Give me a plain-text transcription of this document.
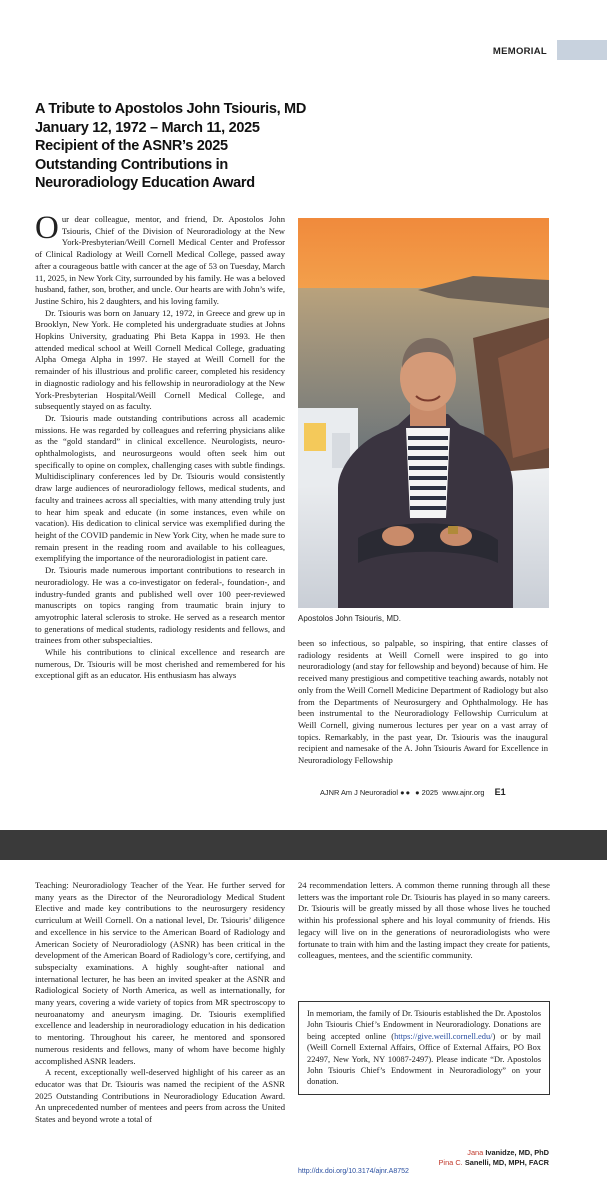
MEMORIAL
A Tribute to Apostolos John Tsiouris, MD
January 12, 1972 – March 11, 2025
Recipient of the ASNR’s 2025
Outstanding Contributions in
Neuroradiology Education Award

Our dear colleague, mentor, and friend, Dr. Apostolos John Tsiouris, Chief of the Division of Neuroradiology at the New York-Presbyterian/Weill Cornell Medical Center and Professor of Clinical Radiology at Weill Cornell Medical College, passed away after a courageous battle with cancer at the age of 53 on Tuesday, March 11, 2025, in New York City, surrounded by his family. He was a beloved husband, father, son, brother, and uncle. Our hearts are with John’s wife, Justine Schiro, his 2 daughters, and his loving family.

Dr. Tsiouris was born on January 12, 1972, in Greece and grew up in Brooklyn, New York. He completed his undergraduate studies at Johns Hopkins University, graduating Phi Beta Kappa in 1993. He then attended medical school at Weill Cornell Medical College, graduating Alpha Omega Alpha in 1997. He stayed at Weill Cornell for the remainder of his illustrious and prolific career, completed his residency in diagnostic radiology and his fellowship in neuroradiology at the New York-Presbyterian Hospital/Weill Cornell Medical College, and subsequently stayed on as faculty.

Dr. Tsiouris made outstanding contributions across all academic missions. He was regarded by colleagues and referring physicians alike as the “gold standard” in clinical excellence. Neurologists, neuro-ophthalmologists, and neurosurgeons would often seek him out specifically to opine on complex, challenging cases with subtle findings. Multidisciplinary conferences led by Dr. Tsiouris would consistently draw large audiences of neuroradiology fellows, medical students, and faculty and trainees across all specialties, with many attending truly just to hear him speak and educate (in some instances, even while on vacation). His dedication to clinical service was exemplified during the height of the COVID pandemic in New York City, when he made sure to remain present in the reading room and available to his colleagues, exemplifying the importance of the neuroradiologist in patient care.

Dr. Tsiouris made numerous important contributions to research in neuroradiology. He was a co-investigator on federal-, foundation-, and industry-funded grants and published well over 100 peer-reviewed manuscripts on topics ranging from traumatic brain injury to amyotrophic lateral sclerosis to stroke. He served as a research mentor to generations of medical students, radiology residents and fellows, and trainees from other subspecialties.

While his contributions to clinical excellence and research are numerous, Dr. Tsiouris will be most cherished and remembered for his exceptional gift as an educator. His enthusiasm has always

Apostolos John Tsiouris, MD.

been so infectious, so palpable, so inspiring, that entire classes of radiology residents at Weill Cornell were inspired to go into neuroradiology (and stay for fellowship and beyond) because of him. He received many prestigious and competitive teaching awards, notably not only from the Weill Cornell Medicine Department of Radiology but also from the Departments of Neurosurgery and Ophthalmology. He has been instrumental to the Neuroradiology Fellowship Curriculum at Weill Cornell, giving numerous lectures per year on a vast array of topics. Remarkably, in the past year, Dr. Tsiouris was the inaugural recipient and namesake of the A. John Tsiouris Award for Excellence in Neuroradiology Fellowship

AJNR Am J Neuroradiol ●● ● 2025 www.ajnr.org E1

Teaching: Neuroradiology Teacher of the Year. He further served for many years as the Director of the Neuroradiology Medical Student Elective and made key contributions to the neurosurgery residency curriculum at Weill Cornell. On a national level, Dr. Tsiouris’ diligence and excellence in his service to the American Board of Radiology and American Society of Neuroradiology (ASNR) has been critical in the development of the American Board of Radiology’s core, certifying, and subspecialty examinations. A highly sought-after national and international lecturer, he has been an invited speaker at the ASNR and Radiological Society of North America, as well as internationally, for many years, covering a wide variety of topics from MR spectroscopy to neuroanatomy and aneurysm imaging. Dr. Tsiouris exemplified excellence and leadership in neuroradiology education in his dedication to mentoring. Throughout his career, he mentored and sponsored numerous residents and fellows, many of whom have become highly accomplished ASNR leaders.

A recent, exceptionally well-deserved highlight of his career as an educator was that Dr. Tsiouris was named the recipient of the ASNR 2025 Outstanding Contributions in Neuroradiology Education Award. An unprecedented number of mentees and peers from across the United States and beyond wrote a total of

24 recommendation letters. A common theme running through all these letters was the important role Dr. Tsiouris has played in so many careers. Dr. Tsiouris will be greatly missed by all those whose lives he touched within his professional sphere and his loyal community of friends. His legacy will live on in the generations of neuroradiologists who were fortunate to train with him and the lasting impact they create for patients, colleagues, mentees, and the scientific community.

In memoriam, the family of Dr. Tsiouris established the Dr. Apostolos John Tsiouris Chief’s Endowment in Neuroradiology. Donations are being accepted online (https://give.weill.cornell.edu/) or by mail (Weill Cornell External Affairs, Office of External Affairs, PO Box 22497, New York, NY 10087-2497). Please indicate “Dr. Apostolos John Tsiouris Chief’s Endowment in Neuroradiology” on your donation.
Jana Ivanidze, MD, PhD
Pina C. Sanelli, MD, MPH, FACR
http://dx.doi.org/10.3174/ajnr.A8752
